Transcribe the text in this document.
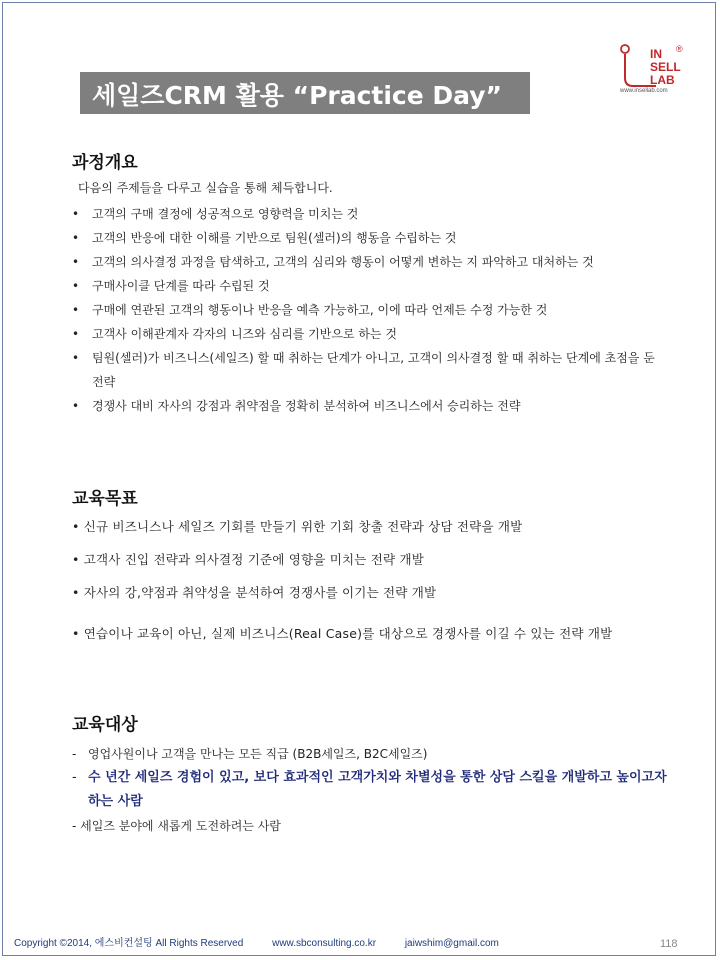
세일즈CRM 활용 “Practice Day”
IN
SELL
LAB
®
www.insellab.com
과정개요
다음의 주제들을 다루고 실습을 통해 체득합니다.
• 고객의 구매 결정에 성공적으로 영향력을 미치는 것
• 고객의 반응에 대한 이해를 기반으로 팀원(셀러)의 행동을 수립하는 것
• 고객의 의사결정 과정을 탐색하고, 고객의 심리와 행동이 어떻게 변하는 지 파악하고 대처하는 것
• 구매사이클 단계를 따라 수립된 것
• 구매에 연관된 고객의 행동이나 반응을 예측 가능하고, 이에 따라 언제든 수정 가능한 것
• 고객사 이해관계자 각자의 니즈와 심리를 기반으로 하는 것
• 팀원(셀러)가 비즈니스(세일즈) 할 때 취하는 단계가 아니고, 고객이 의사결정 할 때 취하는 단계에 초점을 둔 전략
• 경쟁사 대비 자사의 강점과 취약점을 정확히 분석하여 비즈니스에서 승리하는 전략
교육목표
• 신규 비즈니스나 세일즈 기회를 만들기 위한 기회 창출 전략과 상담 전략을 개발
• 고객사 진입 전략과 의사결정 기준에 영향을 미치는 전략 개발
• 자사의 강,약점과 취약성을 분석하여 경쟁사를 이기는 전략 개발
• 연습이나 교육이 아닌, 실제 비즈니스(Real Case)를 대상으로 경쟁사를 이길 수 있는 전략 개발
교육대상
- 영업사원이나 고객을 만나는 모든 직급 (B2B세일즈, B2C세일즈)
- 수 년간 세일즈 경험이 있고, 보다 효과적인 고객가치와 차별성을 통한 상담 스킬을 개발하고 높이고자 하는 사람
- 세일즈 분야에 새롭게 도전하려는 사람
Copyright ©2014, 에스비컨설팅 All Rights Reserved	www.sbconsulting.co.kr	jaiwshim@gmail.com	118
